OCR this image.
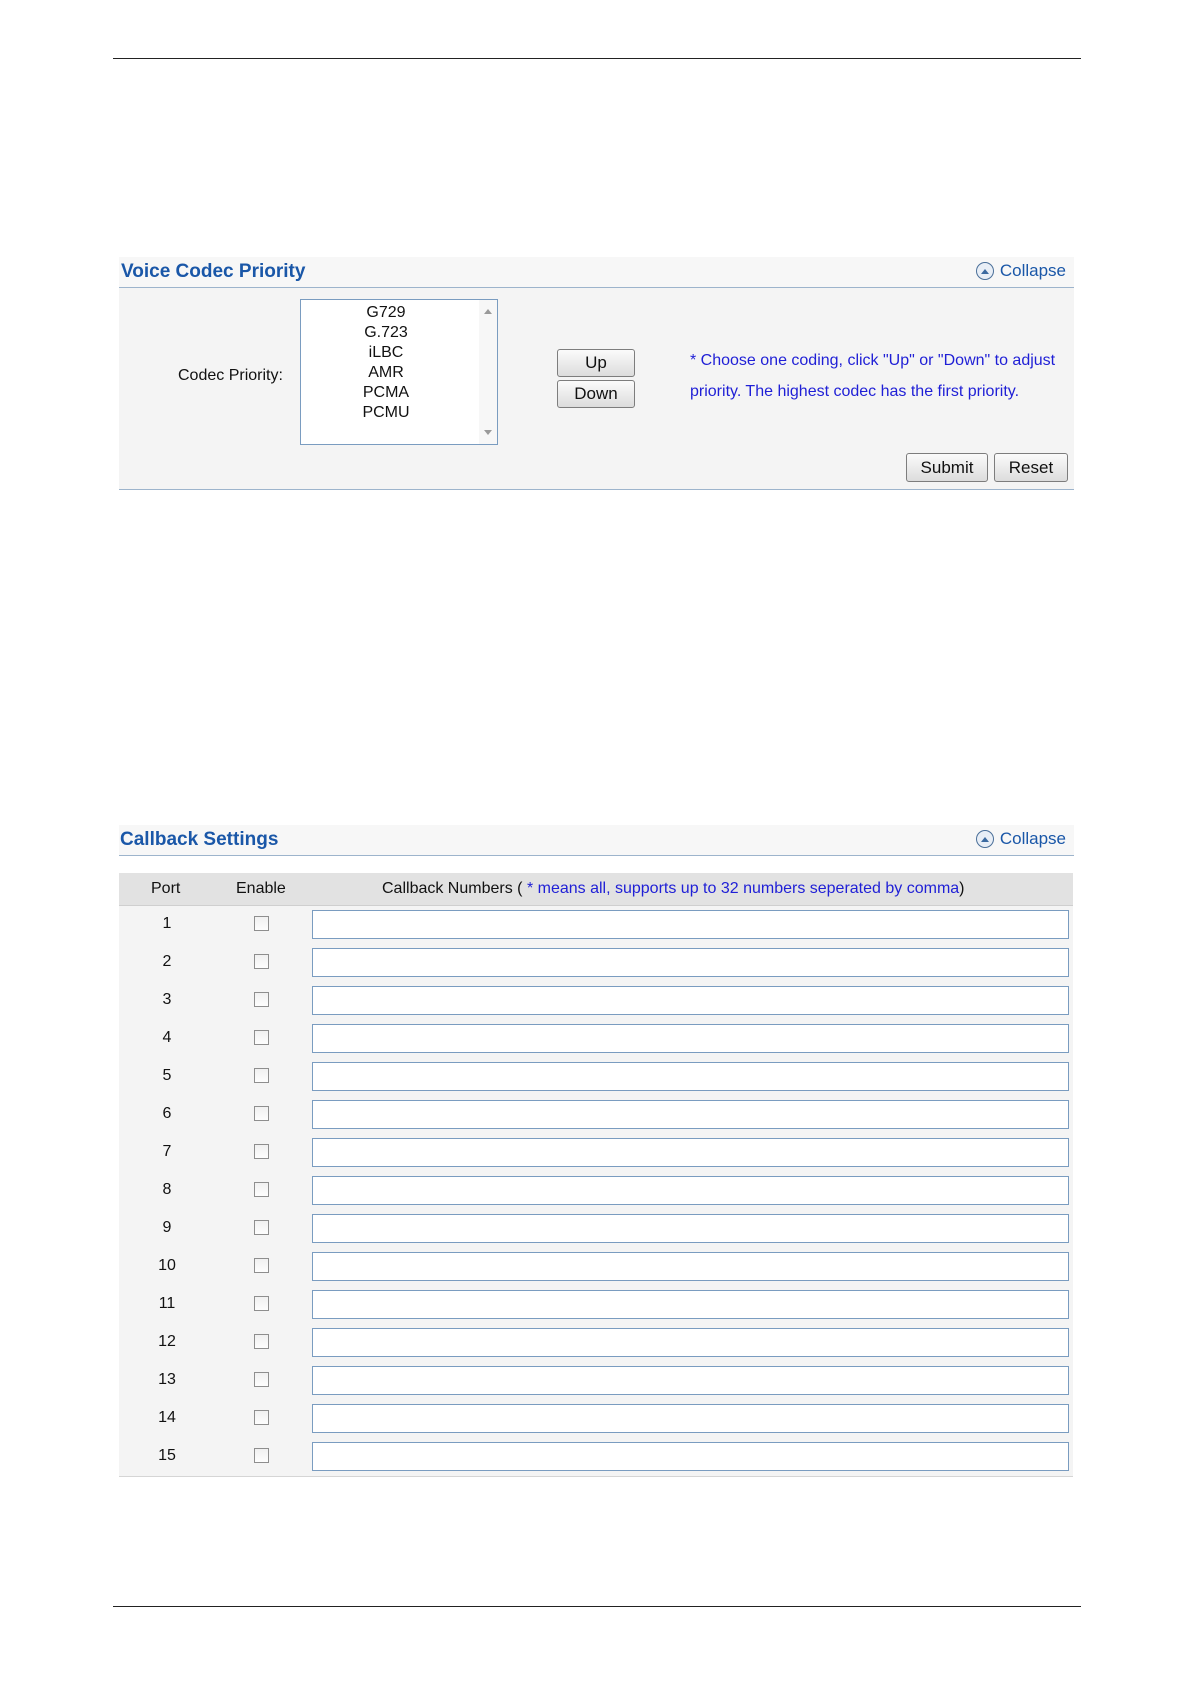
Voice Codec Priority	Collapse
Codec Priority:
G729
G.723
iLBC
AMR
PCMA
PCMU
Up
Down
* Choose one coding, click "Up" or "Down" to adjust
priority. The highest codec has the first priority.
Submit	Reset
Callback Settings	Collapse
Port	Enable	Callback Numbers ( * means all, supports up to 32 numbers seperated by comma)
1
2
3
4
5
6
7
8
9
10
11
12
13
14
15
